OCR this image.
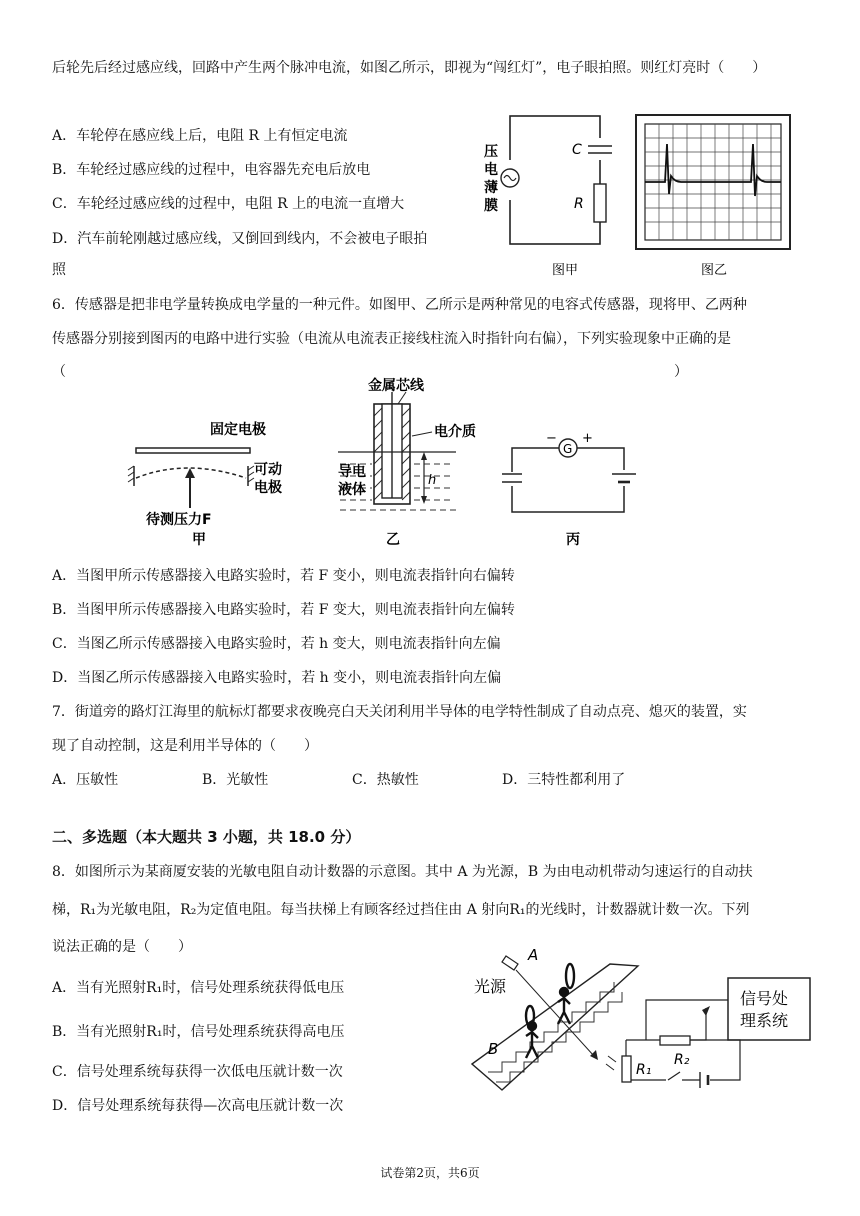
后轮先后经过感应线，回路中产生两个脉冲电流，如图乙所示，即视为“闯红灯”，电子眼拍照。则红灯亮时（　　）
A．车轮停在感应线上后，电阻 R 上有恒定电流
B．车轮经过感应线的过程中，电容器先充电后放电
C．车轮经过感应线的过程中，电阻 R 上的电流一直增大
D．汽车前轮刚越过感应线，又倒回到线内，不会被电子眼拍
照
压
电
薄
膜
C
R
图甲	图乙
6．传感器是把非电学量转换成电学量的一种元件。如图甲、乙所示是两种常见的电容式传感器，现将甲、乙两种
传感器分别接到图丙的电路中进行实验（电流从电流表正接线柱流入时指针向右偏），下列实验现象中正确的是
（	）
固定电极
可动
电极
待测压力F
甲
金属芯线
电介质
导电
液体
h
乙
G
− +
丙
A．当图甲所示传感器接入电路实验时，若 F 变小，则电流表指针向右偏转
B．当图甲所示传感器接入电路实验时，若 F 变大，则电流表指针向左偏转
C．当图乙所示传感器接入电路实验时，若 h 变大，则电流表指针向左偏
D．当图乙所示传感器接入电路实验时，若 h 变小，则电流表指针向左偏
7．街道旁的路灯江海里的航标灯都要求夜晚亮白天关闭利用半导体的电学特性制成了自动点亮、熄灭的装置，实
现了自动控制，这是利用半导体的（　　）
A．压敏性	B．光敏性	C．热敏性	D．三特性都利用了
二、多选题（本大题共 3 小题，共 18.0 分）
8．如图所示为某商厦安装的光敏电阻自动计数器的示意图。其中 A 为光源，B 为由电动机带动匀速运行的自动扶
梯，R₁为光敏电阻，R₂为定值电阻。每当扶梯上有顾客经过挡住由 A 射向R₁的光线时，计数器就计数一次。下列
说法正确的是（　　）
A．当有光照射R₁时，信号处理系统获得低电压
B．当有光照射R₁时，信号处理系统获得高电压
C．信号处理系统每获得一次低电压就计数一次
D．信号处理系统每获得—次高电压就计数一次
A
光源
B
信号处
理系统
R₂
R₁
试卷第2页，共6页
